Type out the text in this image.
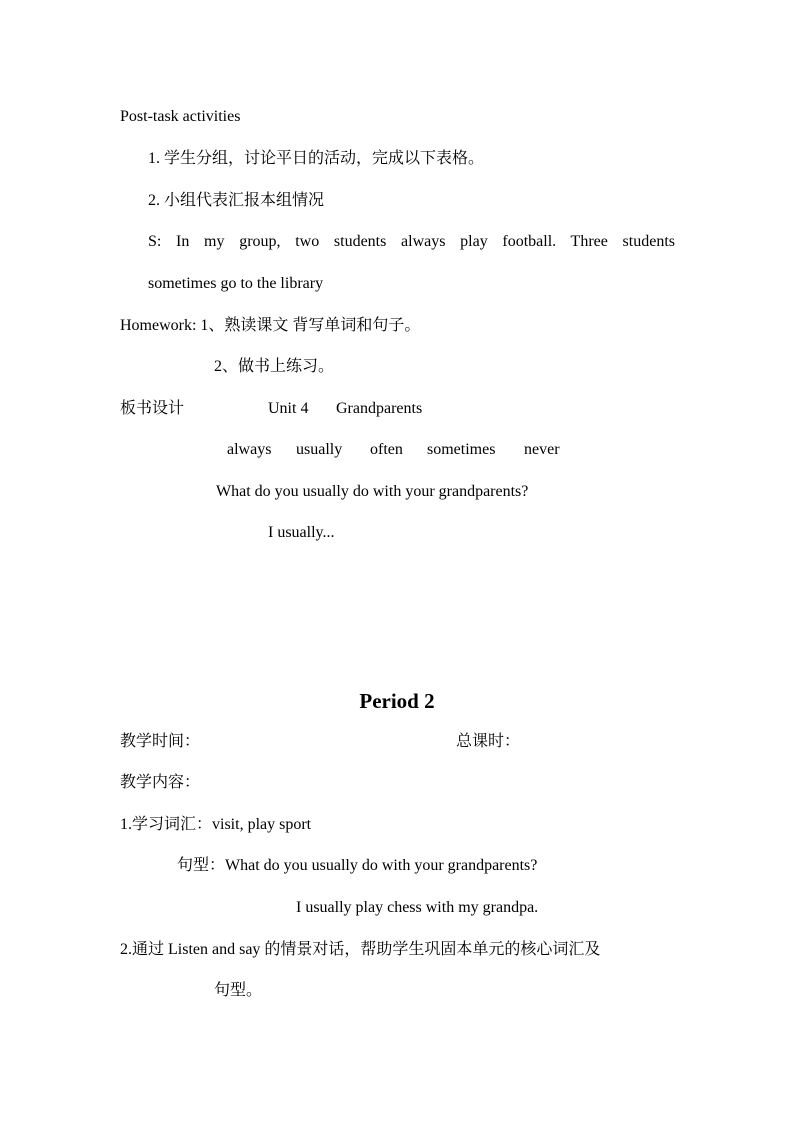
Post-task activities
1. 学生分组，讨论平日的活动，完成以下表格。
2. 小组代表汇报本组情况
S: In my group, two students always play football. Three students
sometimes go to the library
Homework: 1、熟读课文 背写单词和句子。
2、做书上练习。
板书设计	Unit 4 Grandparents
always usually often sometimes never
What do you usually do with your grandparents?
I usually...
Period 2
教学时间：	总课时：
教学内容：
1.学习词汇：visit, play sport
句型：What do you usually do with your grandparents?
I usually play chess with my grandpa.
2.通过 Listen and say 的情景对话，帮助学生巩固本单元的核心词汇及
句型。
